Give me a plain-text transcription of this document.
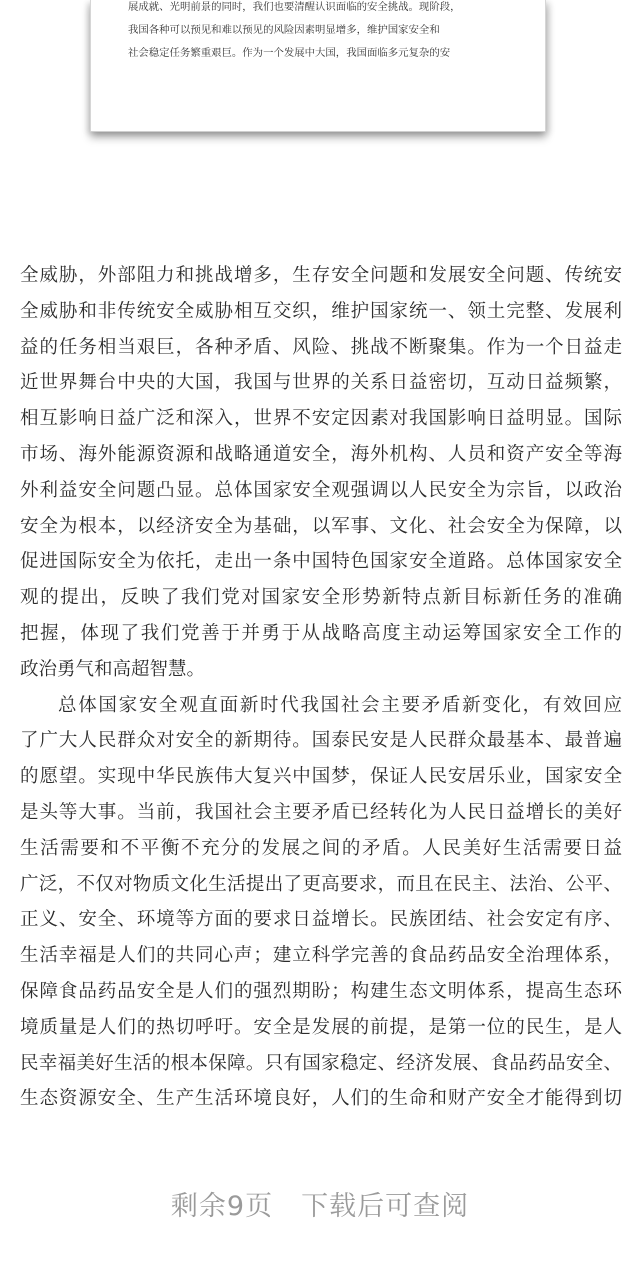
展成就、光明前景的同时，我们也要清醒认识面临的安全挑战。现阶段，
我国各种可以预见和难以预见的风险因素明显增多，维护国家安全和
社会稳定任务繁重艰巨。作为一个发展中大国，我国面临多元复杂的安
全威胁，外部阻力和挑战增多，生存安全问题和发展安全问题、传统安
全威胁和非传统安全威胁相互交织，维护国家统一、领土完整、发展利
益的任务相当艰巨，各种矛盾、风险、挑战不断聚集。作为一个日益走
近世界舞台中央的大国，我国与世界的关系日益密切，互动日益频繁，
相互影响日益广泛和深入，世界不安定因素对我国影响日益明显。国际
市场、海外能源资源和战略通道安全，海外机构、人员和资产安全等海
外利益安全问题凸显。总体国家安全观强调以人民安全为宗旨，以政治
安全为根本，以经济安全为基础，以军事、文化、社会安全为保障，以
促进国际安全为依托，走出一条中国特色国家安全道路。总体国家安全
观的提出，反映了我们党对国家安全形势新特点新目标新任务的准确
把握，体现了我们党善于并勇于从战略高度主动运筹国家安全工作的
政治勇气和高超智慧。
总体国家安全观直面新时代我国社会主要矛盾新变化，有效回应
了广大人民群众对安全的新期待。国泰民安是人民群众最基本、最普遍
的愿望。实现中华民族伟大复兴中国梦，保证人民安居乐业，国家安全
是头等大事。当前，我国社会主要矛盾已经转化为人民日益增长的美好
生活需要和不平衡不充分的发展之间的矛盾。人民美好生活需要日益
广泛，不仅对物质文化生活提出了更高要求，而且在民主、法治、公平、
正义、安全、环境等方面的要求日益增长。民族团结、社会安定有序、
生活幸福是人们的共同心声；建立科学完善的食品药品安全治理体系，
保障食品药品安全是人们的强烈期盼；构建生态文明体系，提高生态环
境质量是人们的热切呼吁。安全是发展的前提，是第一位的民生，是人
民幸福美好生活的根本保障。只有国家稳定、经济发展、食品药品安全、
生态资源安全、生产生活环境良好，人们的生命和财产安全才能得到切
剩余9页 下载后可查阅
